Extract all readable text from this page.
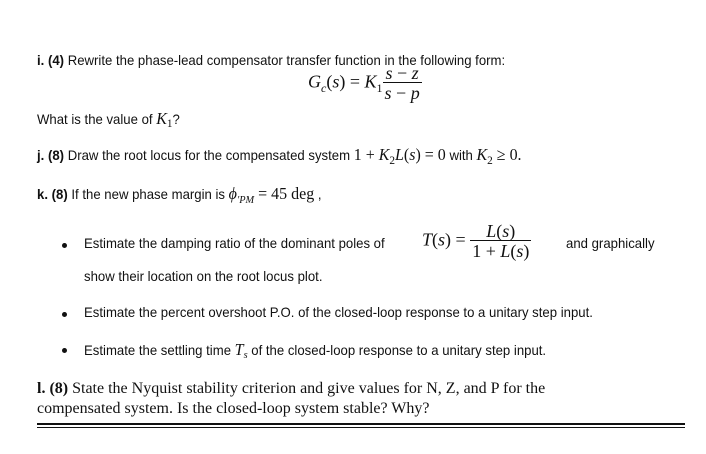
i. (4) Rewrite the phase-lead compensator transfer function in the following form:
$G_c(s) = K_1 \frac{s - z}{s - p}$
What is the value of K1?
j. (8) Draw the root locus for the compensated system $1 + K_2L(s) = 0$ with $K_2 \ge 0$.
k. (8) If the new phase margin is $\phi_{'PM} = 45$ deg ,
Estimate the damping ratio of the dominant poles of $T(s) = \frac{L(s)}{1 + L(s)}$ and graphically
show their location on the root locus plot.
Estimate the percent overshoot P.O. of the closed-loop response to a unitary step input.
Estimate the settling time $T_s$ of the closed-loop response to a unitary step input.
l. (8) State the Nyquist stability criterion and give values for N, Z, and P for the
compensated system. Is the closed-loop system stable? Why?
